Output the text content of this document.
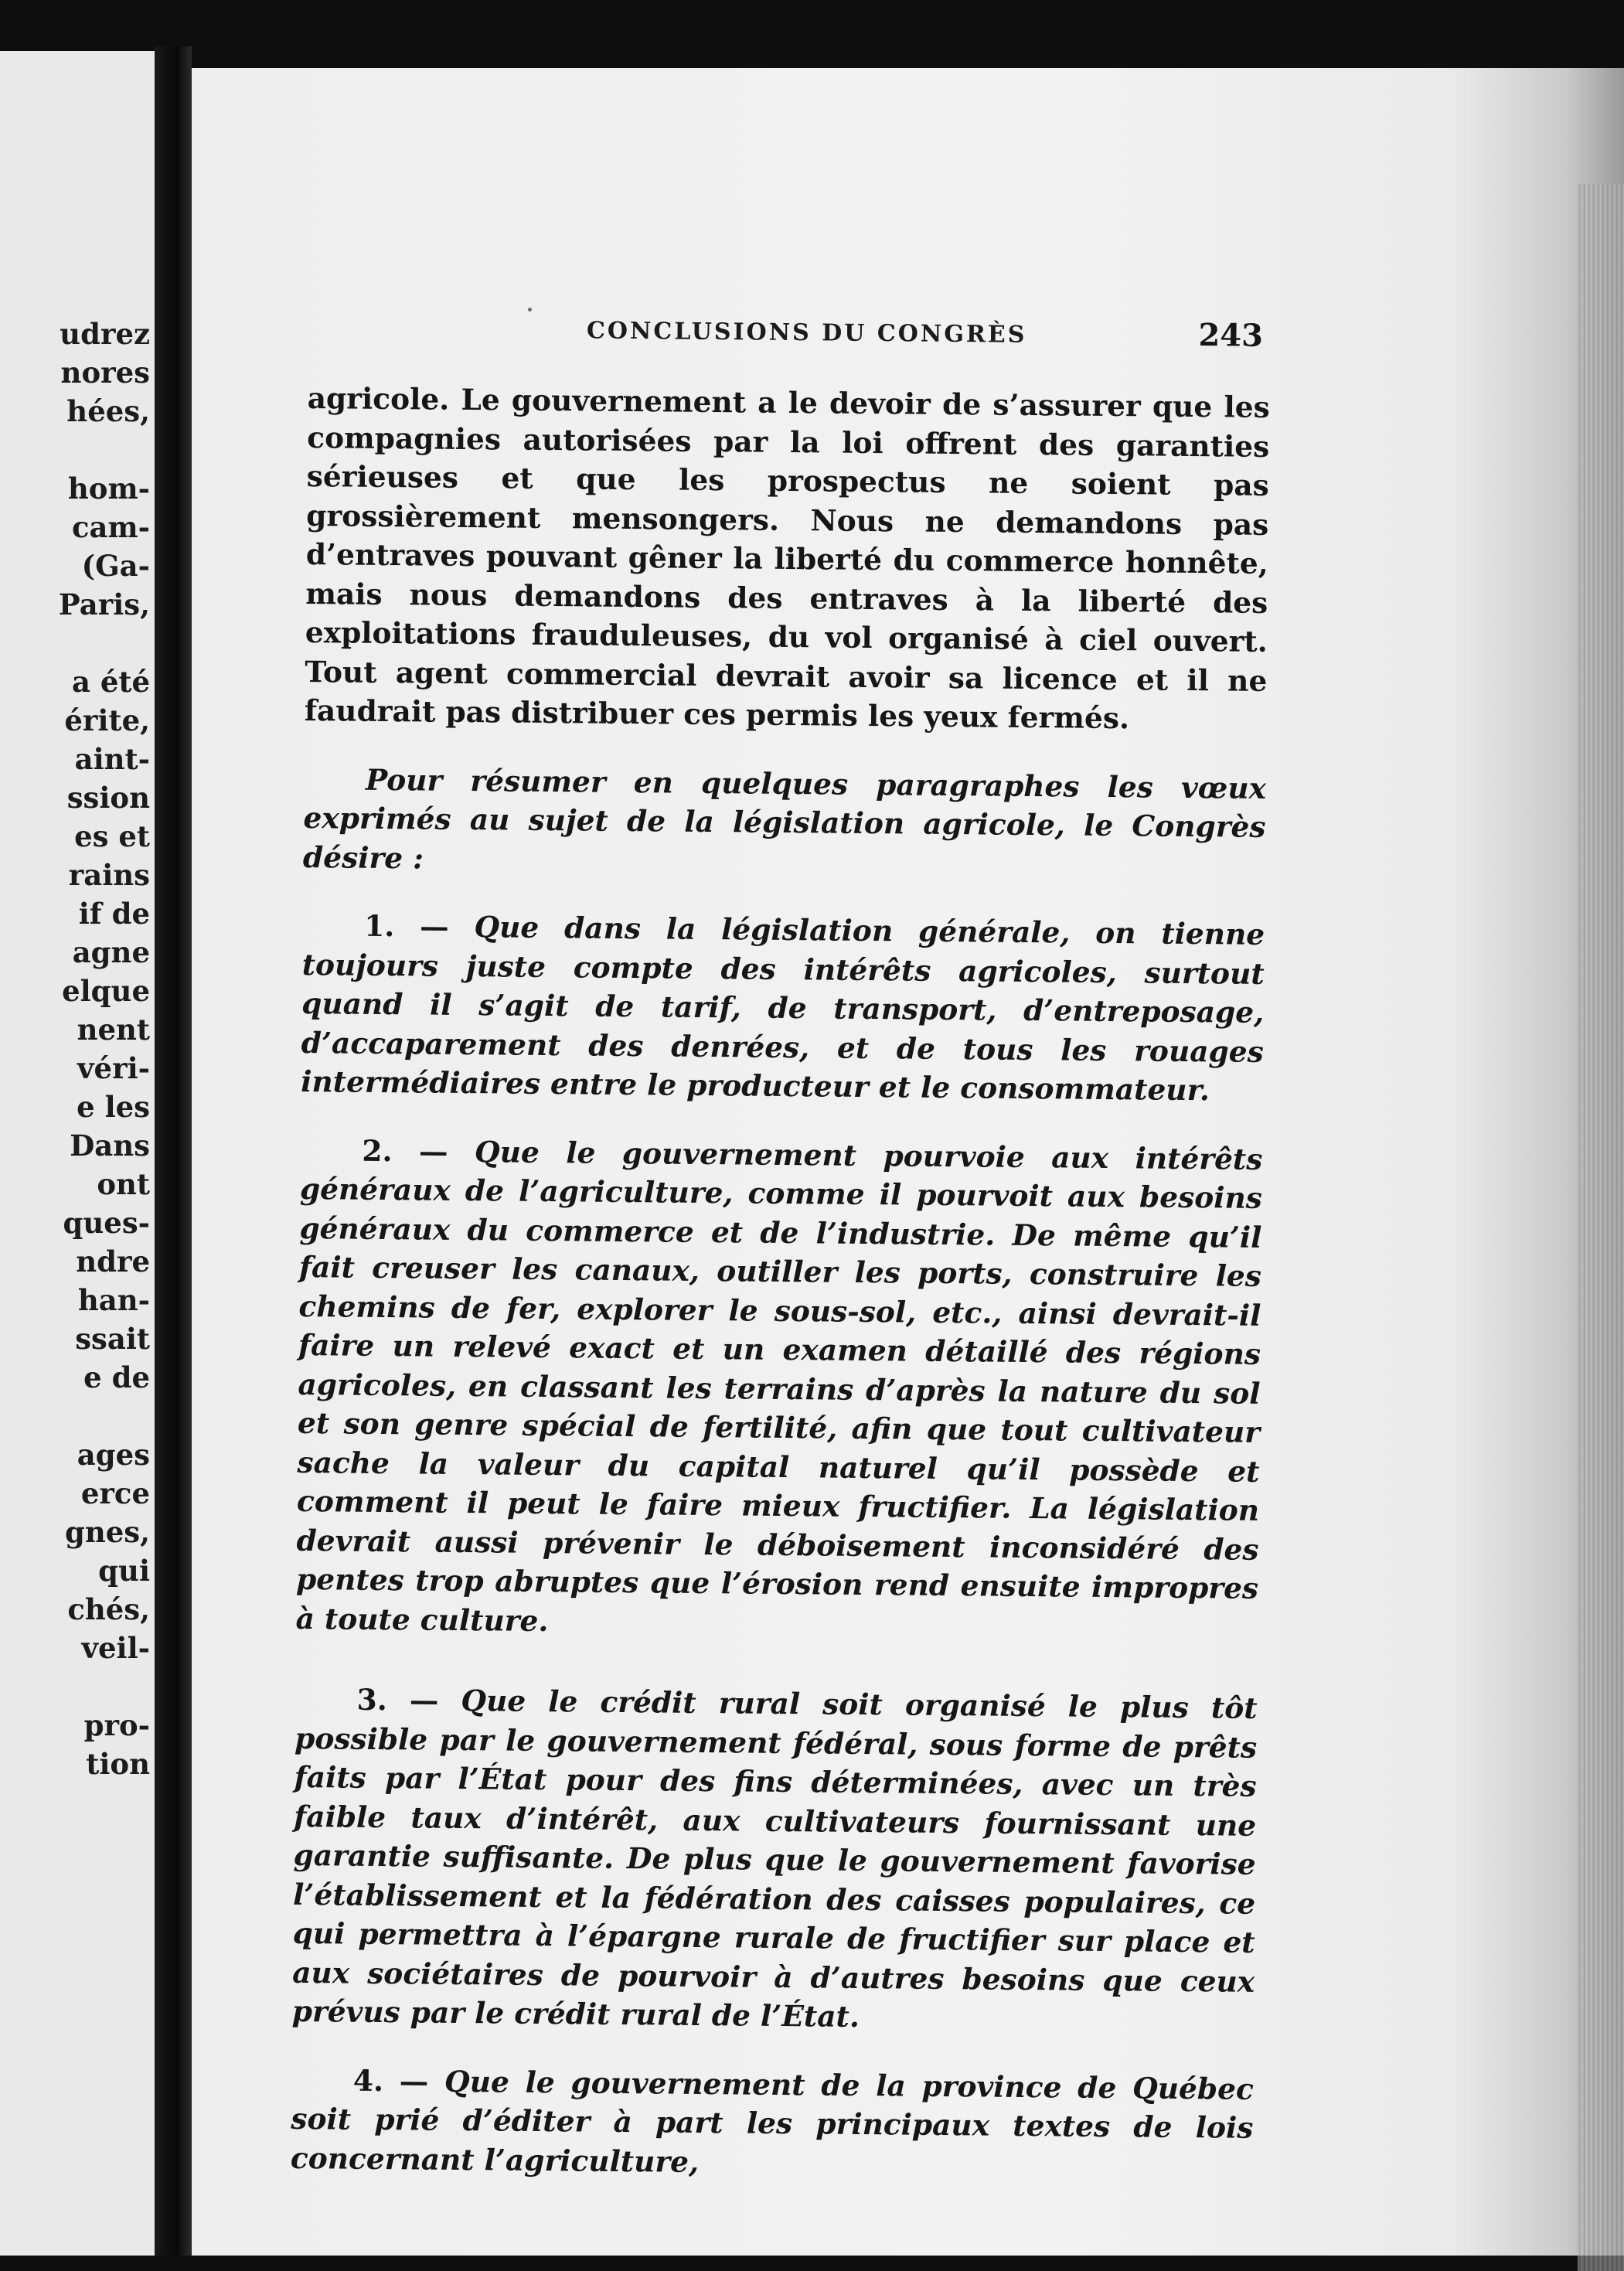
udrez
nores
hées,
hom-
cam-
(Ga-
Paris,
a été
érite,
aint-
ssion
es et
rains
if de
agne
elque
nent
véri-
e les
Dans
ont
ques-
ndre
han-
ssait
e de
ages
erce
gnes,
qui
chés,
veil-
pro-
tion
CONCLUSIONS DU CONGRÈS	243

agricole. Le gouvernement a le devoir de s’assurer que les compagnies autorisées par la loi offrent des garanties sérieuses et que les prospectus ne soient pas grossièrement mensongers. Nous ne demandons pas d’entraves pouvant gêner la liberté du commerce honnête, mais nous demandons des entraves à la liberté des exploitations frauduleuses, du vol organisé à ciel ouvert. Tout agent commercial devrait avoir sa licence et il ne faudrait pas distribuer ces permis les yeux fermés.

Pour résumer en quelques paragraphes les vœux exprimés au sujet de la législation agricole, le Congrès désire :

1. — Que dans la législation générale, on tienne toujours juste compte des intérêts agricoles, surtout quand il s’agit de tarif, de transport, d’entreposage, d’accaparement des denrées, et de tous les rouages intermédiaires entre le producteur et le consommateur.

2. — Que le gouvernement pourvoie aux intérêts généraux de l’agriculture, comme il pourvoit aux besoins généraux du commerce et de l’industrie. De même qu’il fait creuser les canaux, outiller les ports, construire les chemins de fer, explorer le sous-sol, etc., ainsi devrait-il faire un relevé exact et un examen détaillé des régions agricoles, en classant les terrains d’après la nature du sol et son genre spécial de fertilité, afin que tout cultivateur sache la valeur du capital naturel qu’il possède et comment il peut le faire mieux fructifier. La législation devrait aussi prévenir le déboisement inconsidéré des pentes trop abruptes que l’érosion rend ensuite impropres à toute culture.

3. — Que le crédit rural soit organisé le plus tôt possible par le gouvernement fédéral, sous forme de prêts faits par l’État pour des fins déterminées, avec un très faible taux d’intérêt, aux cultivateurs fournissant une garantie suffisante. De plus que le gouvernement favorise l’établissement et la fédération des caisses populaires, ce qui permettra à l’épargne rurale de fructifier sur place et aux sociétaires de pourvoir à d’autres besoins que ceux prévus par le crédit rural de l’État.

4. — Que le gouvernement de la province de Québec soit prié d’éditer à part les principaux textes de lois concernant l’agriculture,
